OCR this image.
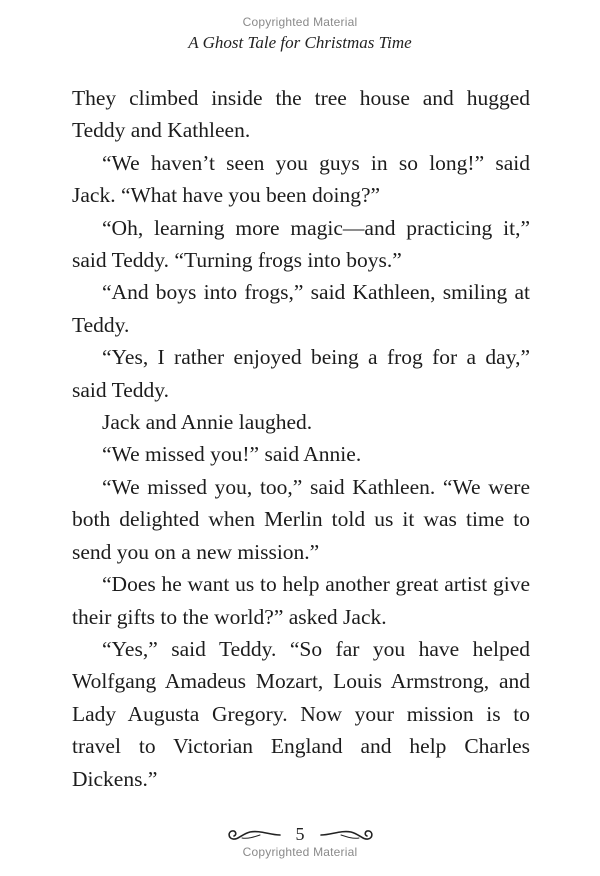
Copyrighted Material
A Ghost Tale for Christmas Time

They climbed inside the tree house and hugged Teddy and Kathleen.

“We haven’t seen you guys in so long!” said Jack. “What have you been doing?”

“Oh, learning more magic—and practicing it,” said Teddy. “Turning frogs into boys.”

“And boys into frogs,” said Kathleen, smiling at Teddy.

“Yes, I rather enjoyed being a frog for a day,” said Teddy.

Jack and Annie laughed.

“We missed you!” said Annie.

“We missed you, too,” said Kathleen. “We were both delighted when Merlin told us it was time to send you on a new mission.”

“Does he want us to help another great artist give their gifts to the world?” asked Jack.

“Yes,” said Teddy. “So far you have helped Wolfgang Amadeus Mozart, Louis Armstrong, and Lady Augusta Gregory. Now your mission is to travel to Victorian England and help Charles Dickens.”

5
Copyrighted Material
